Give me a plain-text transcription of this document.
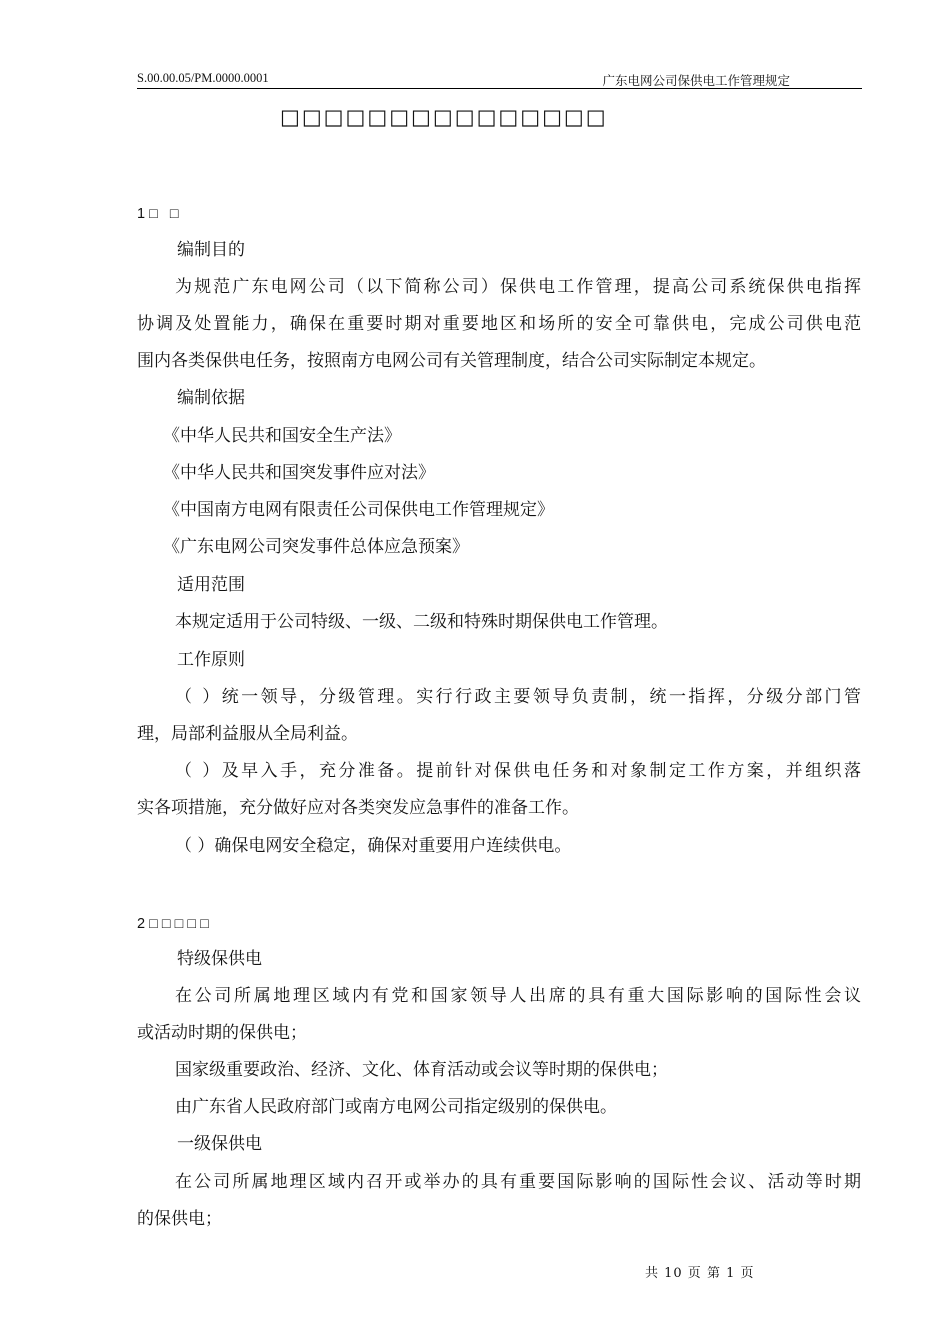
S.00.00.05/PM.0000.0001	广东电网公司保供电工作管理规定
□□□□□□□□□□□□□□□
1 □ □
编制目的
为规范广东电网公司（以下简称公司）保供电工作管理，提高公司系统保供电指挥
协调及处置能力，确保在重要时期对重要地区和场所的安全可靠供电，完成公司供电范
围内各类保供电任务，按照南方电网公司有关管理制度，结合公司实际制定本规定。
编制依据
《中华人民共和国安全生产法》
《中华人民共和国突发事件应对法》
《中国南方电网有限责任公司保供电工作管理规定》
《广东电网公司突发事件总体应急预案》
适用范围
本规定适用于公司特级、一级、二级和特殊时期保供电工作管理。
工作原则
（ ）统一领导，分级管理。实行行政主要领导负责制，统一指挥，分级分部门管
理，局部利益服从全局利益。
（ ）及早入手，充分准备。提前针对保供电任务和对象制定工作方案，并组织落
实各项措施，充分做好应对各类突发应急事件的准备工作。
（ ）确保电网安全稳定，确保对重要用户连续供电。
2 □□□□□
特级保供电
在公司所属地理区域内有党和国家领导人出席的具有重大国际影响的国际性会议
或活动时期的保供电；
国家级重要政治、经济、文化、体育活动或会议等时期的保供电；
由广东省人民政府部门或南方电网公司指定级别的保供电。
一级保供电
在公司所属地理区域内召开或举办的具有重要国际影响的国际性会议、活动等时期
的保供电；
共 10 页 第 1 页
